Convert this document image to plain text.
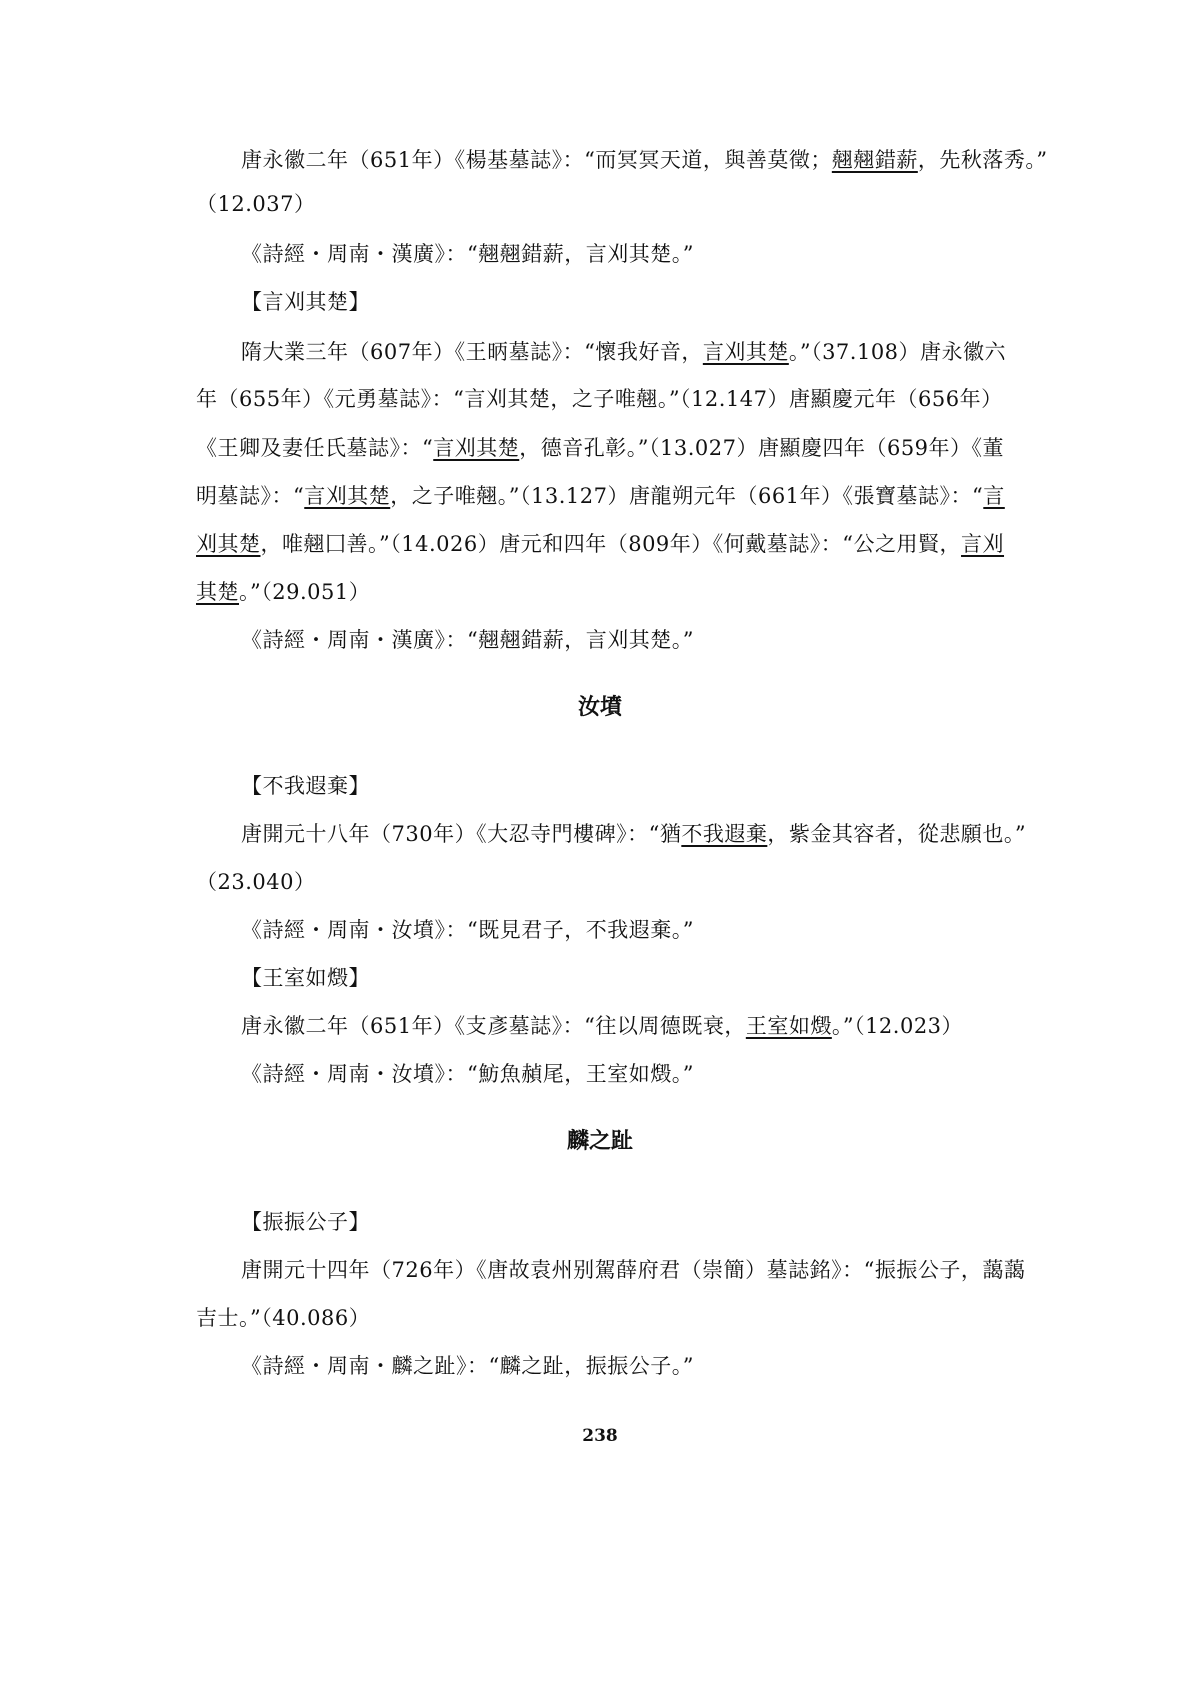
唐永徽二年（651年）《楊基墓誌》：“而冥冥天道，與善莫徵；翹翹錯薪，先秋落秀。”
（12.037）
《詩經・周南・漢廣》：“翹翹錯薪，言刈其楚。”
【言刈其楚】
隋大業三年（607年）《王昞墓誌》：“懷我好音，言刈其楚。”（37.108）唐永徽六
年（655年）《元勇墓誌》：“言刈其楚，之子唯翹。”（12.147）唐顯慶元年（656年）
《王卿及妻任氏墓誌》：“言刈其楚，德音孔彰。”（13.027）唐顯慶四年（659年）《董
明墓誌》：“言刈其楚，之子唯翹。”（13.127）唐龍朔元年（661年）《張寶墓誌》：“言
刈其楚，唯翹囗善。”（14.026）唐元和四年（809年）《何戴墓誌》：“公之用賢，言刈
其楚。”（29.051）
《詩經・周南・漢廣》：“翹翹錯薪，言刈其楚。”
汝墳
【不我遐棄】
唐開元十八年（730年）《大忍寺門樓碑》：“猶不我遐棄，紫金其容者，從悲願也。”
（23.040）
《詩經・周南・汝墳》：“既見君子，不我遐棄。”
【王室如燬】
唐永徽二年（651年）《支彥墓誌》：“往以周德既衰，王室如燬。”（12.023）
《詩經・周南・汝墳》：“魴魚赬尾，王室如燬。”
麟之趾
【振振公子】
唐開元十四年（726年）《唐故袁州别駕薛府君（崇簡）墓誌銘》：“振振公子，藹藹
吉士。”（40.086）
《詩經・周南・麟之趾》：“麟之趾，振振公子。”
238
